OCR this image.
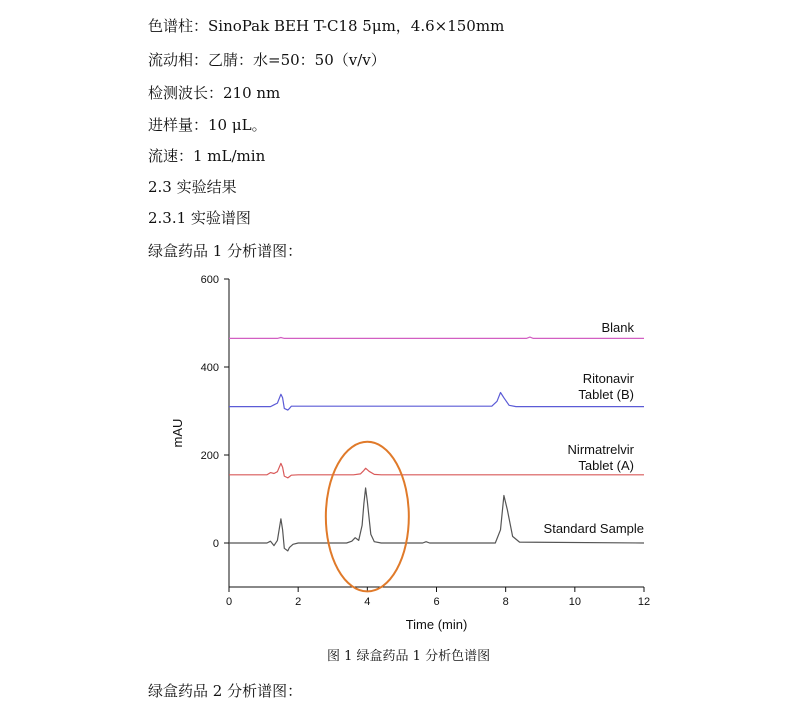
色谱柱：SinoPak BEH T-C18 5μm，4.6×150mm
流动相：乙腈：水=50：50（v/v）
检测波长：210 nm
进样量：10 μL。
流速：1 mL/min
2.3 实验结果
2.3.1 实验谱图
绿盒药品 1 分析谱图：
0	2	4	6	8	10	12
0
200
400
600
Time (min)
mAU
Blank
Ritonavir
Tablet (B)
Nirmatrelvir
Tablet (A)
Standard Sample
图 1 绿盒药品 1 分析色谱图
绿盒药品 2 分析谱图：
